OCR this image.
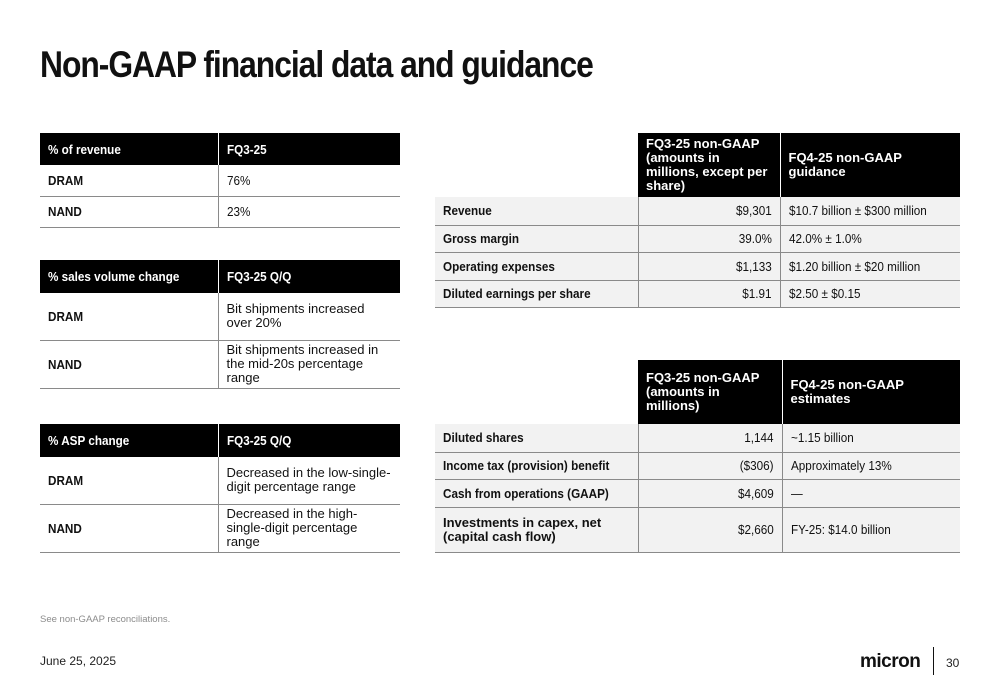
Non-GAAP financial data and guidance
% of revenue	FQ3-25
DRAM	76%
NAND	23%
% sales volume change	FQ3-25 Q/Q
DRAM	Bit shipments increased over 20%
NAND	Bit shipments increased in the mid-20s percentage range
% ASP change	FQ3-25 Q/Q
DRAM	Decreased in the low-single-digit percentage range
NAND	Decreased in the high-single-digit percentage range
	FQ3-25 non-GAAP (amounts in millions, except per share)	FQ4-25 non-GAAP guidance
Revenue	$9,301	$10.7 billion ± $300 million
Gross margin	39.0%	42.0% ± 1.0%
Operating expenses	$1,133	$1.20 billion ± $20 million
Diluted earnings per share	$1.91	$2.50 ± $0.15
	FQ3-25 non-GAAP (amounts in millions)	FQ4-25 non-GAAP estimates
Diluted shares	1,144	~1.15 billion
Income tax (provision) benefit	($306)	Approximately 13%
Cash from operations (GAAP)	$4,609	—
Investments in capex, net (capital cash flow)	$2,660	FY-25: $14.0 billion
See non-GAAP reconciliations.
June 25, 2025	micron 30
